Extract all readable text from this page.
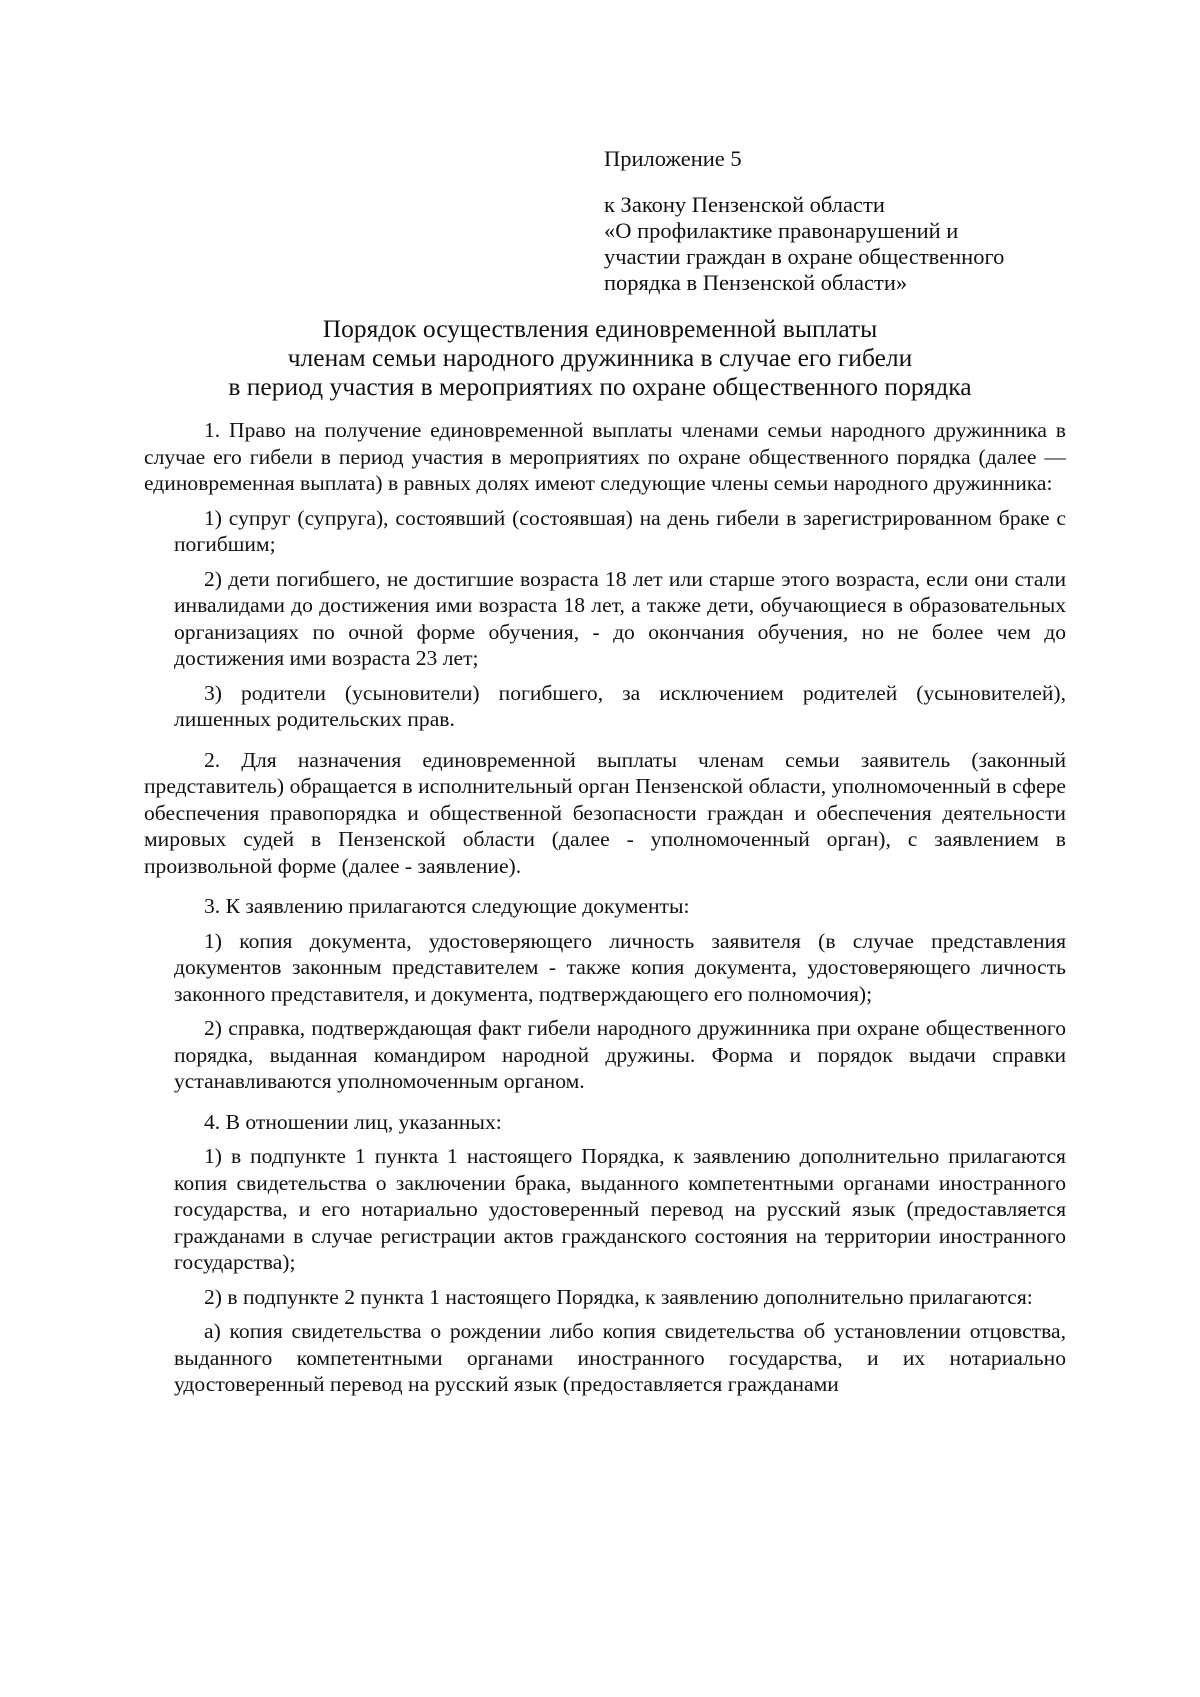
Приложение 5
к Закону Пензенской области
«О профилактике правонарушений и
участии граждан в охране общественного
порядка в Пензенской области»
Порядок осуществления единовременной выплаты
членам семьи народного дружинника в случае его гибели
в период участия в мероприятиях по охране общественного порядка

1. Право на получение единовременной выплаты членами семьи народного дружинника в случае его гибели в период участия в мероприятиях по охране общественного порядка (далее — единовременная выплата) в равных долях имеют следующие члены семьи народного дружинника:

1) супруг (супруга), состоявший (состоявшая) на день гибели в зарегистрированном браке с погибшим;

2) дети погибшего, не достигшие возраста 18 лет или старше этого возраста, если они стали инвалидами до достижения ими возраста 18 лет, а также дети, обучающиеся в образовательных организациях по очной форме обучения, - до окончания обучения, но не более чем до достижения ими возраста 23 лет;

3) родители (усыновители) погибшего, за исключением родителей (усыновителей), лишенных родительских прав.

2. Для назначения единовременной выплаты членам семьи заявитель (законный представитель) обращается в исполнительный орган Пензенской области, уполномоченный в сфере обеспечения правопорядка и общественной безопасности граждан и обеспечения деятельности мировых судей в Пензенской области (далее - уполномоченный орган), с заявлением в произвольной форме (далее - заявление).

3. К заявлению прилагаются следующие документы:

1) копия документа, удостоверяющего личность заявителя (в случае представления документов законным представителем - также копия документа, удостоверяющего личность законного представителя, и документа, подтверждающего его полномочия);

2) справка, подтверждающая факт гибели народного дружинника при охране общественного порядка, выданная командиром народной дружины. Форма и порядок выдачи справки устанавливаются уполномоченным органом.

4. В отношении лиц, указанных:

1) в подпункте 1 пункта 1 настоящего Порядка, к заявлению дополнительно прилагаются копия свидетельства о заключении брака, выданного компетентными органами иностранного государства, и его нотариально удостоверенный перевод на русский язык (предоставляется гражданами в случае регистрации актов гражданского состояния на территории иностранного государства);

2) в подпункте 2 пункта 1 настоящего Порядка, к заявлению дополнительно прилагаются:

а) копия свидетельства о рождении либо копия свидетельства об установлении отцовства, выданного компетентными органами иностранного государства, и их нотариально удостоверенный перевод на русский язык (предоставляется гражданами
